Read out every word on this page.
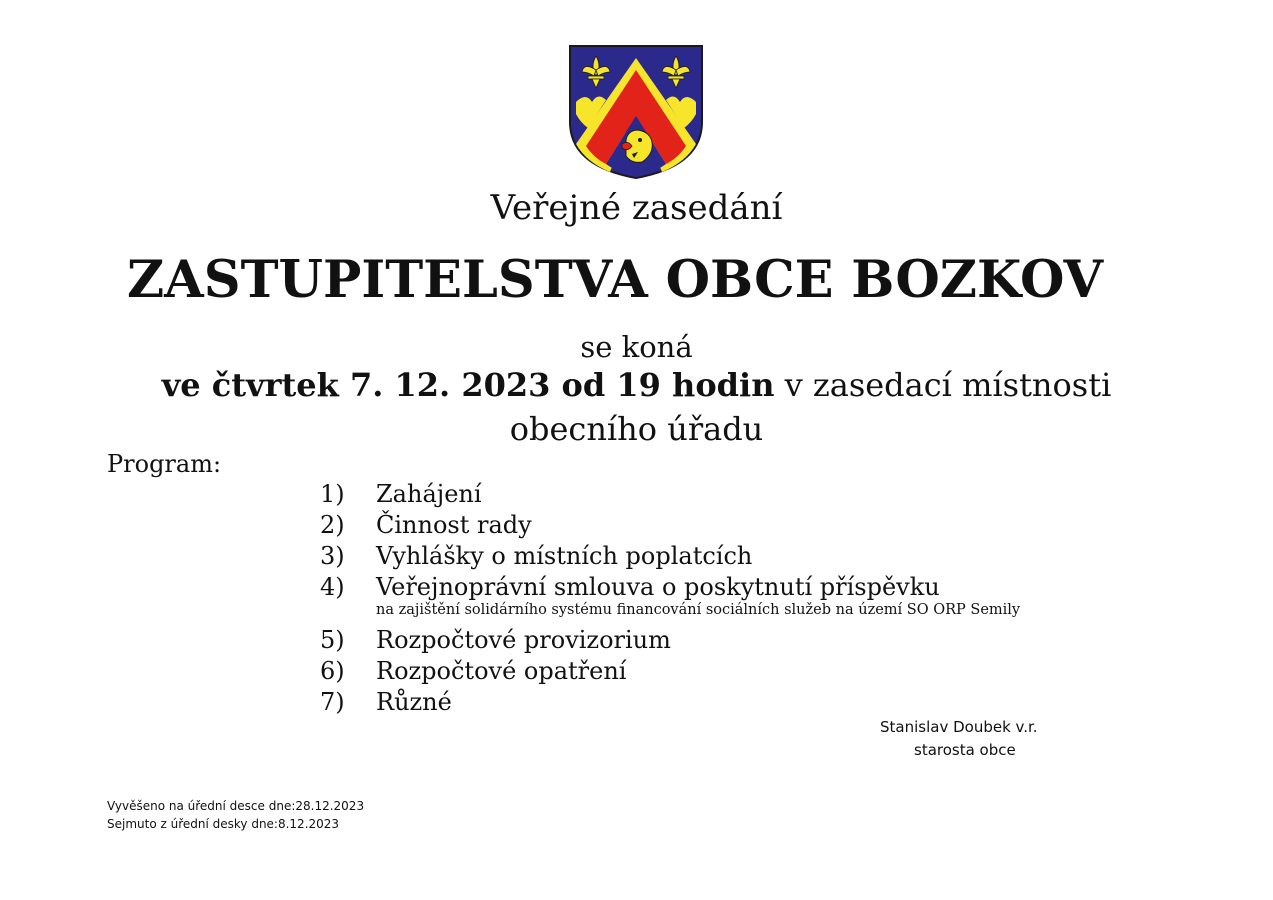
Veřejné zasedání
ZASTUPITELSTVA OBCE BOZKOV
se koná
ve čtvrtek 7. 12. 2023 od 19 hodin v zasedací místnosti
obecního úřadu
Program:
1)	Zahájení
2)	Činnost rady
3)	Vyhlášky o místních poplatcích
4)	Veřejnoprávní smlouva o poskytnutí příspěvku
na zajištění solidárního systému financování sociálních služeb na území SO ORP Semily
5)	Rozpočtové provizorium
6)	Rozpočtové opatření
7)	Různé
Stanislav Doubek v.r.
starosta obce
Vyvěšeno na úřední desce dne:28.12.2023
Sejmuto z úřední desky dne:8.12.2023
